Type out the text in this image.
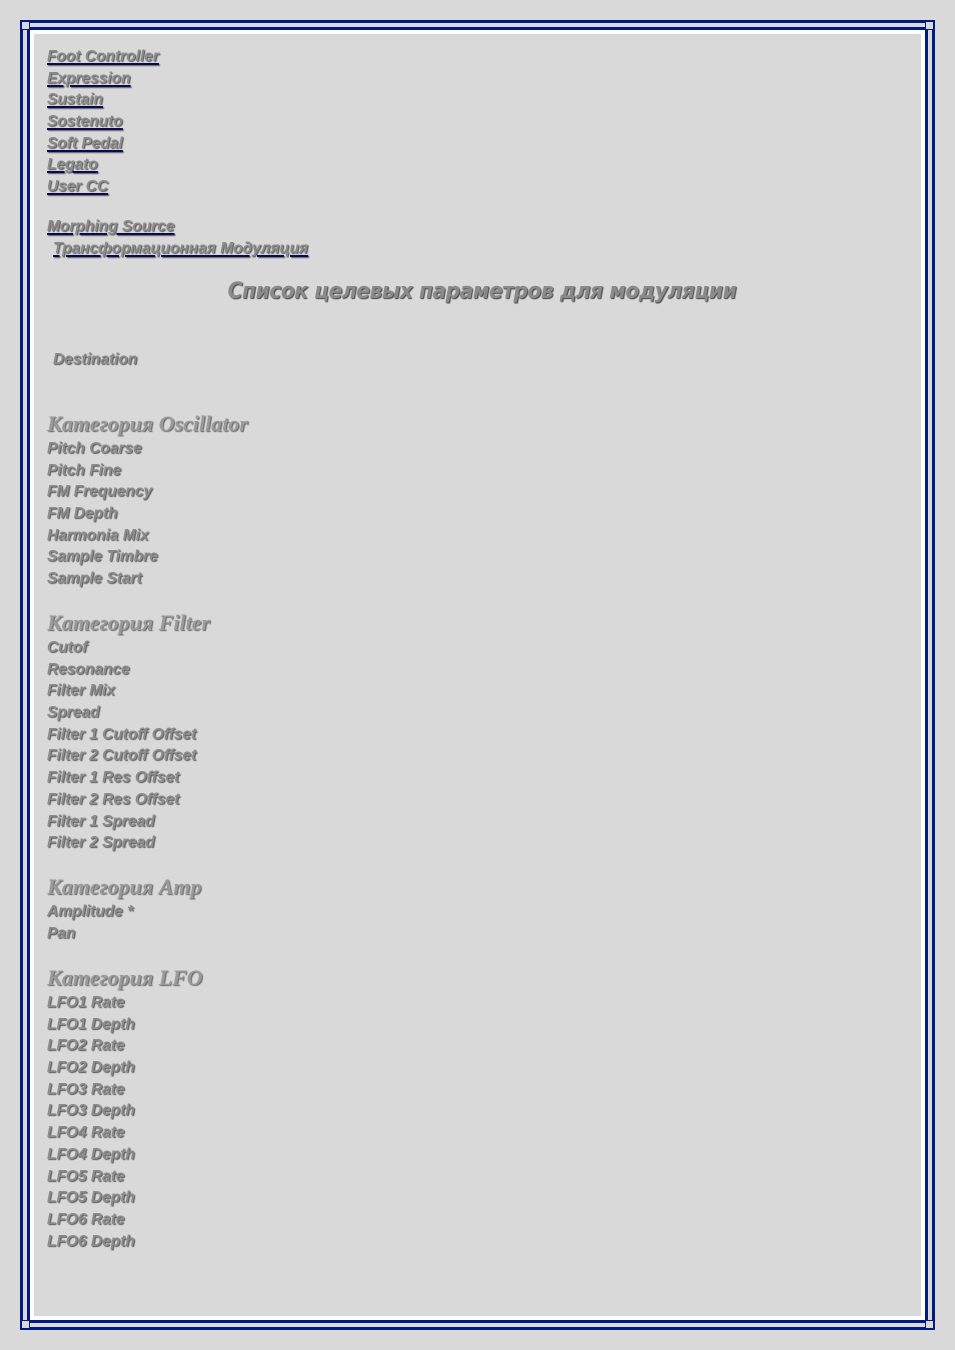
Foot Controller
Expression
Sustain
Sostenuto
Soft Pedal
Legato
User CC
Morphing Source
Трансформационная Модуляция
Список целевых параметров для модуляции
Destination
Категория Oscillator
Pitch Coarse
Pitch Fine
FM Frequency
FM Depth
Harmonia Mix
Sample Timbre
Sample Start
Категория Filter
Cutof
Resonance
Filter Mix
Spread
Filter 1 Cutoff Offset
Filter 2 Cutoff Offset
Filter 1 Res Offset
Filter 2 Res Offset
Filter 1 Spread
Filter 2 Spread
Категория Amp
Amplitude *
Pan
Категория LFO
LFO1 Rate
LFO1 Depth
LFO2 Rate
LFO2 Depth
LFO3 Rate
LFO3 Depth
LFO4 Rate
LFO4 Depth
LFO5 Rate
LFO5 Depth
LFO6 Rate
LFO6 Depth
